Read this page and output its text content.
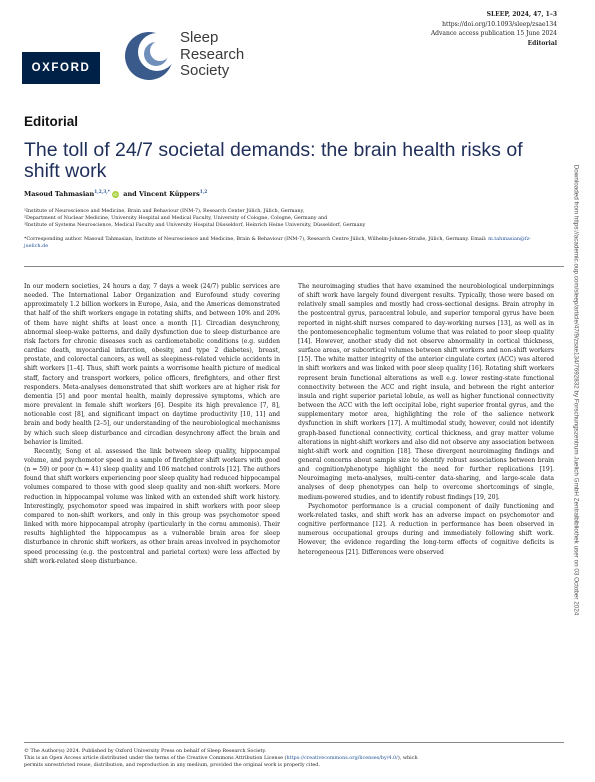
OXFORD
Sleep
Research
Society
SLEEP, 2024, 47, 1–3
https://doi.org/10.1093/sleep/zsae134
Advance access publication 15 June 2024
Editorial
Editorial
The toll of 24/7 societal demands: the brain health risks of shift work
Masoud Tahmasian$^{1,2,3,*}$ iD and Vincent Küppers$^{1,2}$
¹Institute of Neuroscience and Medicine, Brain and Behaviour (INM-7), Research Center Jülich, Jülich, Germany,
²Department of Nuclear Medicine, University Hospital and Medical Faculty, University of Cologne, Cologne, Germany and
³Institute of Systems Neuroscience, Medical Faculty and University Hospital Düsseldorf, Heinrich Heine University, Düsseldorf, Germany
*Corresponding author. Masoud Tahmasian, Institute of Neuroscience and Medicine, Brain & Behaviour (INM-7), Research Centre Jülich, Wilhelm-Johnen-Straße, Jülich, Germany. Email: m.tahmasian@fz-juelich.de

In our modern societies, 24 hours a day, 7 days a week (24/7) public services are needed. The International Labor Organization and Eurofound study covering approximately 1.2 billion workers in Europe, Asia, and the Americas demonstrated that half of the shift workers engage in rotating shifts, and between 10% and 20% of them have night shifts at least once a month [1]. Circadian desynchrony, abnormal sleep-wake patterns, and daily dysfunction due to sleep disturbance are risk factors for chronic diseases such as cardiometabolic conditions (e.g. sudden cardiac death, myocardial infarction, obesity, and type 2 diabetes), breast, prostate, and colorectal cancers, as well as sleepiness-related vehicle accidents in shift workers [1–4]. Thus, shift work paints a worrisome health picture of medical staff, factory and transport workers, police officers, firefighters, and other first responders. Meta-analyses demonstrated that shift workers are at higher risk for dementia [5] and poor mental health, mainly depressive symptoms, which are more prevalent in female shift workers [6]. Despite its high prevalence [7, 8], noticeable cost [8], and significant impact on daytime productivity [10, 11] and brain and body health [2–5], our understanding of the neurobiological mechanisms by which such sleep disturbance and circadian desynchrony affect the brain and behavior is limited.

Recently, Song et al. assessed the link between sleep quality, hippocampal volume, and psychomotor speed in a sample of firefighter shift workers with good (n = 59) or poor (n = 41) sleep quality and 106 matched controls [12]. The authors found that shift workers experiencing poor sleep quality had reduced hippocampal volumes compared to those with good sleep quality and non-shift workers. More reduction in hippocampal volume was linked with an extended shift work history. Interestingly, psychomotor speed was impaired in shift workers with poor sleep compared to non-shift workers, and only in this group was psychomotor speed linked with more hippocampal atrophy (particularly in the cornu ammonis). Their results highlighted the hippocampus as a vulnerable brain area for sleep disturbance in chronic shift workers, as other brain areas involved in psychomotor speed processing (e.g. the postcentral and parietal cortex) were less affected by shift work-related sleep disturbance.

The neuroimaging studies that have examined the neurobiological underpinnings of shift work have largely found divergent results. Typically, those were based on relatively small samples and mostly had cross-sectional designs. Brain atrophy in the postcentral gyrus, paracentral lobule, and superior temporal gyrus have been reported in night-shift nurses compared to day-working nurses [13], as well as in the pontomesencephalic tegmentum volume that was related to poor sleep quality [14]. However, another study did not observe abnormality in cortical thickness, surface areas, or subcortical volumes between shift workers and non-shift workers [15]. The white matter integrity of the anterior cingulate cortex (ACC) was altered in shift workers and was linked with poor sleep quality [16]. Rotating shift workers represent brain functional alterations as well e.g. lower resting-state functional connectivity between the ACC and right insula, and between the right anterior insula and right superior parietal lobule, as well as higher functional connectivity between the ACC with the left occipital lobe, right superior frontal gyrus, and the supplementary motor area, highlighting the role of the salience network dysfunction in shift workers [17]. A multimodal study, however, could not identify graph-based functional connectivity, cortical thickness, and gray matter volume alterations in night-shift workers and also did not observe any association between night-shift work and cognition [18]. These divergent neuroimaging findings and general concerns about sample size to identify robust associations between brain and cognition/phenotype highlight the need for further replications [19]. Neuroimaging meta-analyses, multi-center data-sharing, and large-scale data analyses of deep phenotypes can help to overcome shortcomings of single, medium-powered studies, and to identify robust findings [19, 20].

Psychomotor performance is a crucial component of daily functioning and work-related tasks, and shift work has an adverse impact on psychomotor and cognitive performance [12]. A reduction in performance has been observed in numerous occupational groups during and immediately following shift work. However, the evidence regarding the long-term effects of cognitive deficits is heterogeneous [21]. Differences were observed	Downloaded from https://academic.oup.com/sleep/article/47/9/zsae134/7692832 by Forschungszentrum Juelich GmbH Zentralbibliothek user on 03 October 2024
© The Author(s) 2024. Published by Oxford University Press on behalf of Sleep Research Society.
This is an Open Access article distributed under the terms of the Creative Commons Attribution License (https://creativecommons.org/licenses/by/4.0/), which
permits unrestricted reuse, distribution, and reproduction in any medium, provided the original work is properly cited.
